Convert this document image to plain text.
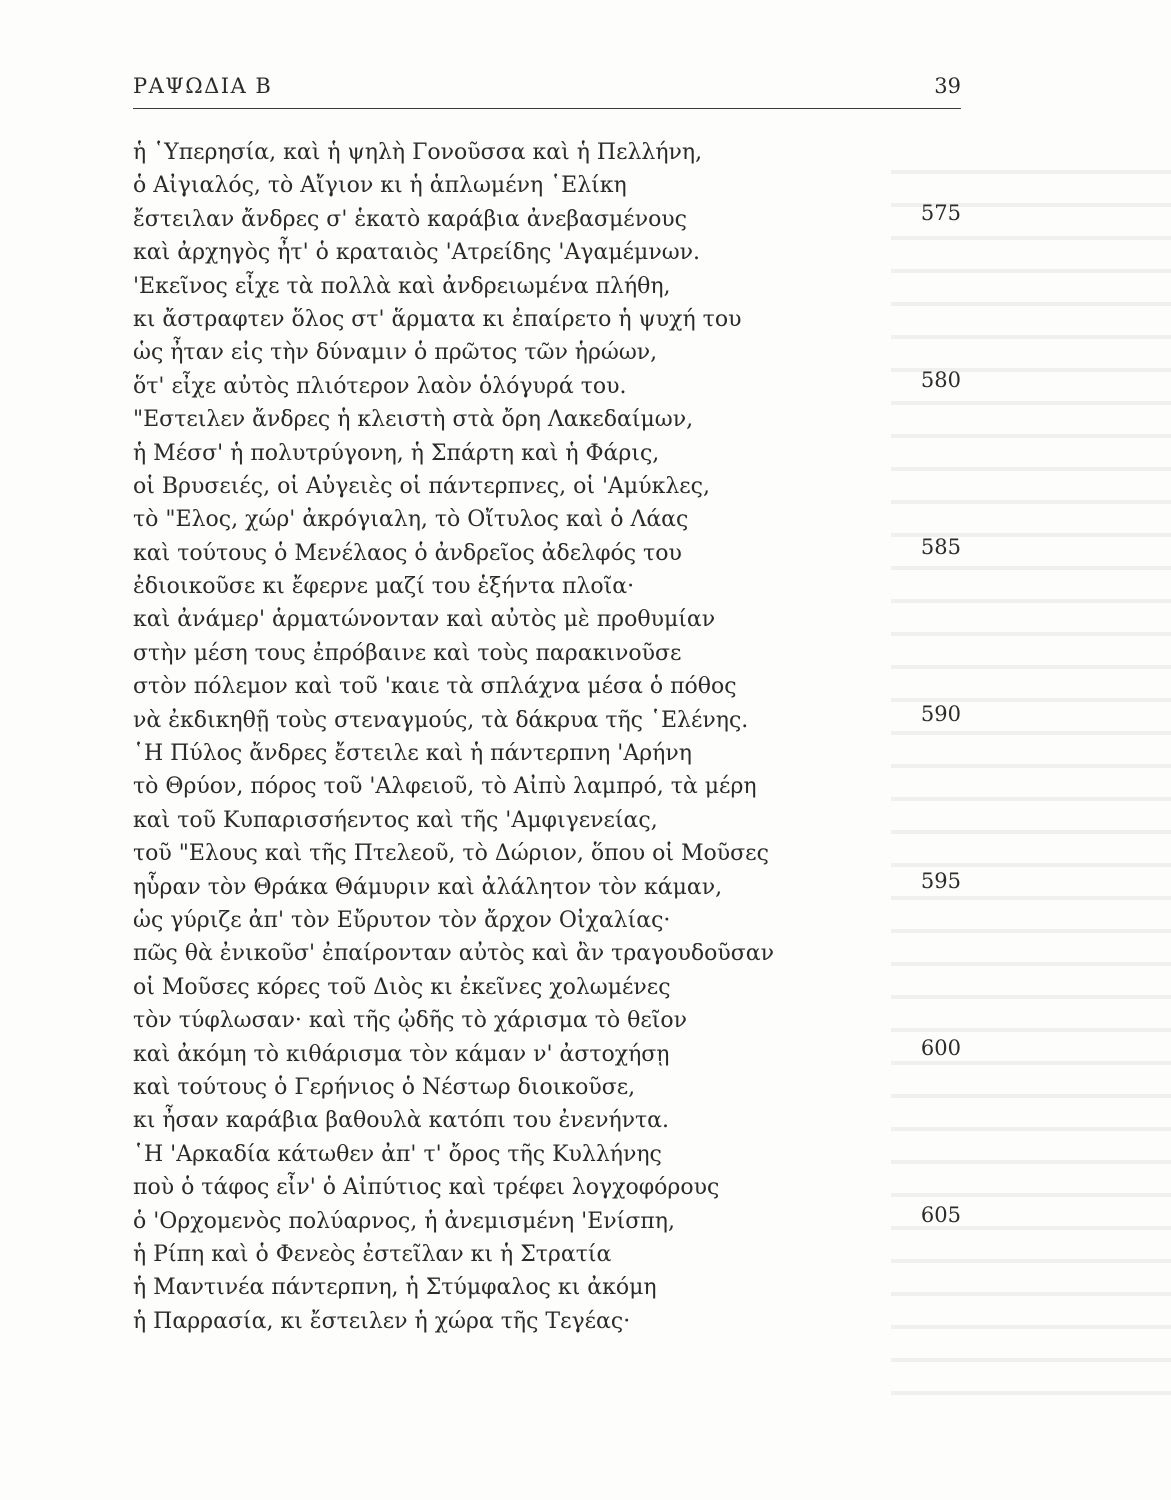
ΡΑΨΩΔΙΑ Β	39
ἡ ῾Υπερησία, καὶ ἡ ψηλὴ Γονοῦσσα καὶ ἡ Πελλήνη,
ὁ Αἰγιαλός, τὸ Αἴγιον κι ἡ ἁπλωμένη ῾Ελίκη
ἔστειλαν ἄνδρες σ' ἑκατὸ καράβια ἀνεβασμένους	575
καὶ ἀρχηγὸς ἦτ' ὁ κραταιὸς 'Ατρείδης 'Αγαμέμνων.
'Εκεῖνος εἶχε τὰ πολλὰ καὶ ἀνδρειωμένα πλήθη,
κι ἄστραφτεν ὅλος στ' ἅρματα κι ἐπαίρετο ἡ ψυχή του
ὡς ἦταν εἰς τὴν δύναμιν ὁ πρῶτος τῶν ἡρώων,
ὅτ' εἶχε αὐτὸς πλιότερον λαὸν ὁλόγυρά του.	580
"Εστειλεν ἄνδρες ἡ κλειστὴ στὰ ὄρη Λακεδαίμων,
ἡ Μέσσ' ἡ πολυτρύγονη, ἡ Σπάρτη καὶ ἡ Φάρις,
οἱ Βρυσειές, οἱ Αὐγειὲς οἱ πάντερπνες, οἱ 'Αμύκλες,
τὸ "Ελος, χώρ' ἀκρόγιαλη, τὸ Οἴτυλος καὶ ὁ Λάας
καὶ τούτους ὁ Μενέλαος ὁ ἀνδρεῖος ἀδελφός του	585
ἐδιοικοῦσε κι ἔφερνε μαζί του ἑξήντα πλοῖα·
καὶ ἀνάμερ' ἁρματώνονταν καὶ αὐτὸς μὲ προθυμίαν
στὴν μέση τους ἐπρόβαινε καὶ τοὺς παρακινοῦσε
στὸν πόλεμον καὶ τοῦ 'καιε τὰ σπλάχνα μέσα ὁ πόθος
νὰ ἐκδικηθῇ τοὺς στεναγμούς, τὰ δάκρυα τῆς ῾Ελένης.	590
῾Η Πύλος ἄνδρες ἔστειλε καὶ ἡ πάντερπνη 'Αρήνη
τὸ Θρύον, πόρος τοῦ 'Αλφειοῦ, τὸ Αἰπὺ λαμπρό, τὰ μέρη
καὶ τοῦ Κυπαρισσήεντος καὶ τῆς 'Αμφιγενείας,
τοῦ "Ελους καὶ τῆς Πτελεοῦ, τὸ Δώριον, ὅπου οἱ Μοῦσες
ηὗραν τὸν Θράκα Θάμυριν καὶ ἀλάλητον τὸν κάμαν,	595
ὡς γύριζε ἀπ' τὸν Εὔρυτον τὸν ἄρχον Οἰχαλίας·
πῶς θὰ ἐνικοῦσ' ἐπαίρονταν αὐτὸς καὶ ἂν τραγουδοῦσαν
οἱ Μοῦσες κόρες τοῦ Διὸς κι ἐκεῖνες χολωμένες
τὸν τύφλωσαν· καὶ τῆς ᾠδῆς τὸ χάρισμα τὸ θεῖον
καὶ ἀκόμη τὸ κιθάρισμα τὸν κάμαν ν' ἀστοχήσῃ	600
καὶ τούτους ὁ Γερήνιος ὁ Νέστωρ διοικοῦσε,
κι ἦσαν καράβια βαθουλὰ κατόπι του ἐνενήντα.
῾Η 'Αρκαδία κάτωθεν ἀπ' τ' ὄρος τῆς Κυλλήνης
ποὺ ὁ τάφος εἶν' ὁ Αἰπύτιος καὶ τρέφει λογχοφόρους
ὁ 'Ορχομενὸς πολύαρνος, ἡ ἀνεμισμένη 'Ενίσπη,	605
ἡ Ρίπη καὶ ὁ Φενεὸς ἐστεῖλαν κι ἡ Στρατία
ἡ Μαντινέα πάντερπνη, ἡ Στύμφαλος κι ἀκόμη
ἡ Παρρασία, κι ἔστειλεν ἡ χώρα τῆς Τεγέας·
